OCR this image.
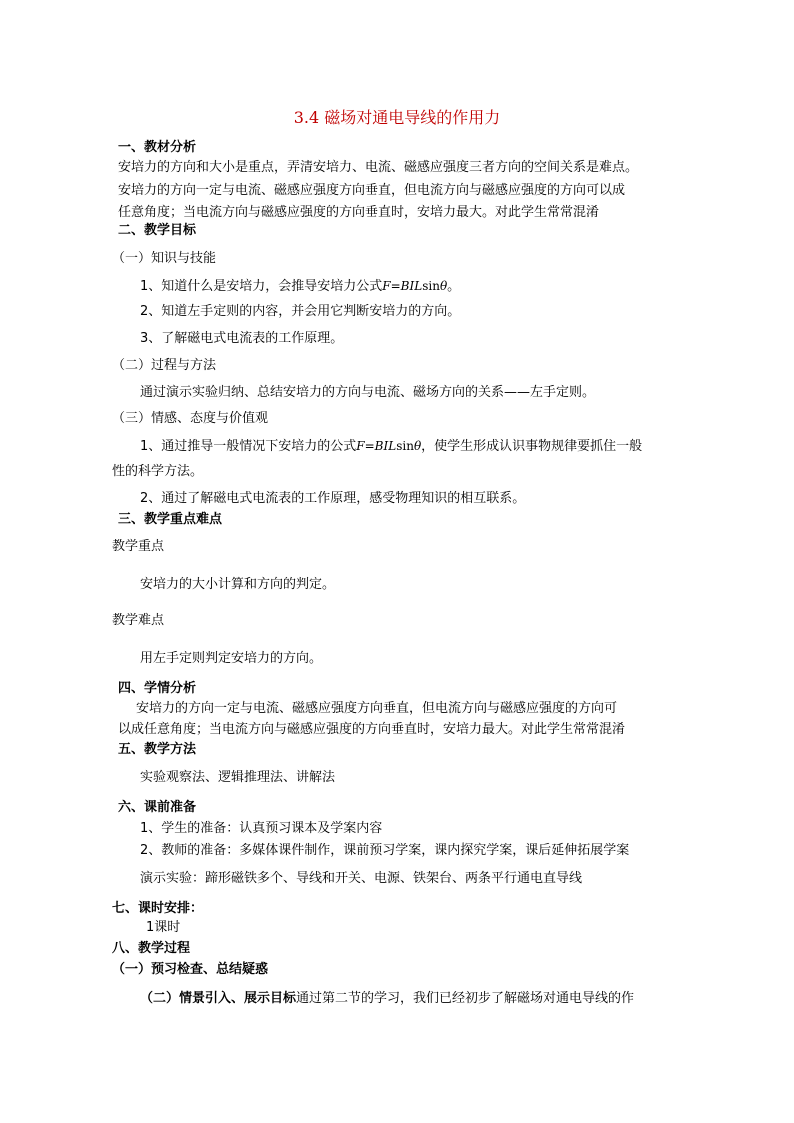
3.4 磁场对通电导线的作用力
一、教材分析
安培力的方向和大小是重点，弄清安培力、电流、磁感应强度三者方向的空间关系是难点。
安培力的方向一定与电流、磁感应强度方向垂直，但电流方向与磁感应强度的方向可以成
任意角度；当电流方向与磁感应强度的方向垂直时，安培力最大。对此学生常常混淆
二、教学目标
（一）知识与技能
1、知道什么是安培力，会推导安培力公式F=BILsinθ。
2、知道左手定则的内容，并会用它判断安培力的方向。
3、了解磁电式电流表的工作原理。
（二）过程与方法
通过演示实验归纳、总结安培力的方向与电流、磁场方向的关系——左手定则。
（三）情感、态度与价值观
1、通过推导一般情况下安培力的公式F=BILsinθ，使学生形成认识事物规律要抓住一般
性的科学方法。
2、通过了解磁电式电流表的工作原理，感受物理知识的相互联系。
三、教学重点难点
教学重点
安培力的大小计算和方向的判定。
教学难点
用左手定则判定安培力的方向。
四、学情分析
安培力的方向一定与电流、磁感应强度方向垂直，但电流方向与磁感应强度的方向可
以成任意角度；当电流方向与磁感应强度的方向垂直时，安培力最大。对此学生常常混淆
五、教学方法
实验观察法、逻辑推理法、讲解法
六、课前准备
1、学生的准备：认真预习课本及学案内容
2、教师的准备：多媒体课件制作，课前预习学案，课内探究学案，课后延伸拓展学案
演示实验：蹄形磁铁多个、导线和开关、电源、铁架台、两条平行通电直导线
七、课时安排：
1课时
八、教学过程
（一）预习检查、总结疑惑
（二）情景引入、展示目标通过第二节的学习，我们已经初步了解磁场对通电导线的作
